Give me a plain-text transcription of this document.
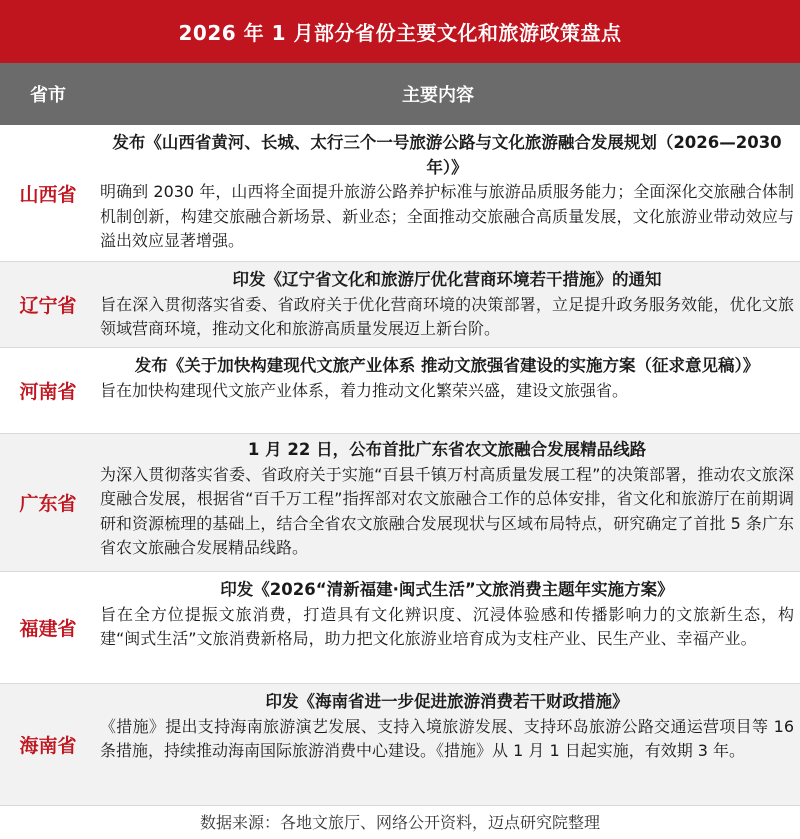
2026 年 1 月部分省份主要文化和旅游政策盘点
省市	主要内容
山西省
发布《山西省黄河、长城、太行三个一号旅游公路与文化旅游融合发展规划（2026—2030 年）》
明确到 2030 年，山西将全面提升旅游公路养护标准与旅游品质服务能力；全面深化交旅融合体制机制创新，构建交旅融合新场景、新业态；全面推动交旅融合高质量发展，文化旅游业带动效应与溢出效应显著增强。
辽宁省
印发《辽宁省文化和旅游厅优化营商环境若干措施》的通知
旨在深入贯彻落实省委、省政府关于优化营商环境的决策部署，立足提升政务服务效能，优化文旅领域营商环境，推动文化和旅游高质量发展迈上新台阶。
河南省
发布《关于加快构建现代文旅产业体系 推动文旅强省建设的实施方案（征求意见稿）》
旨在加快构建现代文旅产业体系，着力推动文化繁荣兴盛，建设文旅强省。
广东省
1 月 22 日，公布首批广东省农文旅融合发展精品线路
为深入贯彻落实省委、省政府关于实施“百县千镇万村高质量发展工程”的决策部署，推动农文旅深度融合发展，根据省“百千万工程”指挥部对农文旅融合工作的总体安排，省文化和旅游厅在前期调研和资源梳理的基础上，结合全省农文旅融合发展现状与区域布局特点，研究确定了首批 5 条广东省农文旅融合发展精品线路。
福建省
印发《2026“清新福建·闽式生活”文旅消费主题年实施方案》
旨在全方位提振文旅消费，打造具有文化辨识度、沉浸体验感和传播影响力的文旅新生态，构建“闽式生活”文旅消费新格局，助力把文化旅游业培育成为支柱产业、民生产业、幸福产业。
海南省
印发《海南省进一步促进旅游消费若干财政措施》
《措施》提出支持海南旅游演艺发展、支持入境旅游发展、支持环岛旅游公路交通运营项目等 16 条措施，持续推动海南国际旅游消费中心建设。《措施》从 1 月 1 日起实施，有效期 3 年。
数据来源：各地文旅厅、网络公开资料，迈点研究院整理
